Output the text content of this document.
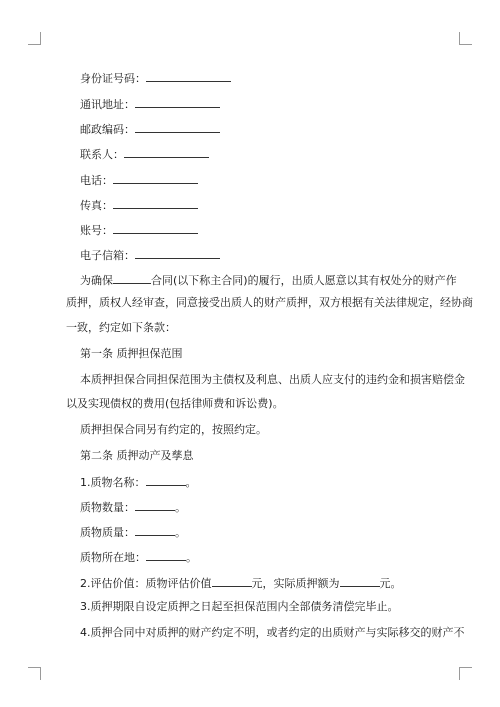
身份证号码：
通讯地址：
邮政编码：
联系人：
电话：
传真：
账号：
电子信箱：
为确保	合同(以下称主合同)的履行，出质人愿意以其有权处分的财产作
质押，质权人经审查，同意接受出质人的财产质押，双方根据有关法律规定，经协商
一致，约定如下条款：
第一条 质押担保范围
本质押担保合同担保范围为主债权及利息、出质人应支付的违约金和损害赔偿金
以及实现债权的费用(包括律师费和诉讼费)。
质押担保合同另有约定的，按照约定。
第二条 质押动产及孳息
1.质物名称：	。
质物数量：	。
质物质量：	。
质物所在地：	。
2.评估价值：质物评估价值	元，实际质押额为	元。
3.质押期限自设定质押之日起至担保范围内全部债务清偿完毕止。
4.质押合同中对质押的财产约定不明，或者约定的出质财产与实际移交的财产不
